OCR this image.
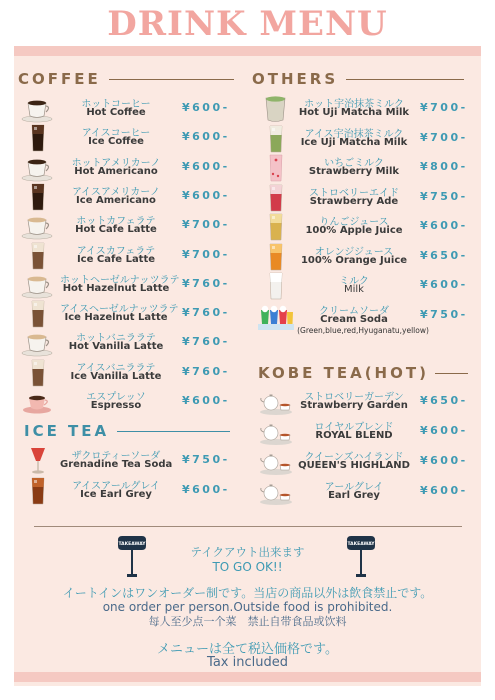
DRINK MENU
COFFEE	OTHERS
ICE TEA
KOBE TEA(HOT)
ホットコーヒー
Hot Coffee	¥600-
アイスコーヒー
Ice Coffee	¥600-
ホットアメリカーノ
Hot Americano	¥600-
アイスアメリカーノ
Ice Americano	¥600-
ホットカフェラテ
Hot Cafe Latte	¥700-
アイスカフェラテ
Ice Cafe Latte	¥700-
ホットヘーゼルナッツラテ
Hot Hazelnut Latte ¥760-
アイスヘーゼルナッツラテ
Ice Hazelnut Latte	¥760-
ホットバニララテ
Hot Vanilla Latte	¥760-
アイスバニララテ
Ice Vanilla Latte	¥760-
エスプレッソ
Espresso	¥600-
ザクロティーソーダ
Grenadine Tea Soda ¥750-
アイスアールグレイ
Ice Earl Grey	¥600-
ホット宇治抹茶ミルク
Hot Uji Matcha Milk ¥700-
アイス宇治抹茶ミルク
Ice Uji Matcha Milk ¥700-
いちごミルク
Strawberry Milk	¥800-
ストロベリーエイド
Strawberry Ade	¥750-
りんごジュース
100% Apple Juice	¥600-
オレンジジュース
100% Orange Juice ¥650-
ミルク
Milk	¥600-
クリームソーダ
Cream Soda	¥750-
(Green,blue,red,Hyuganatu,yellow)
ストロベリーガーデン
Strawberry Garden ¥650-
ロイヤルブレンド
ROYAL BLEND	¥600-
クイーンズハイランド
QUEEN'S HIGHLAND ¥600-
アールグレイ
Earl Grey	¥600-
TAKEAWAY	TAKEAWAY
テイクアウト出来ます
TO GO OK!!
イートインはワンオーダー制です。当店の商品以外は飲食禁止です。
one order per person.Outside food is prohibited.
每人至少点一个菜　禁止自带食品或饮料
メニューは全て税込価格です。
Tax included
